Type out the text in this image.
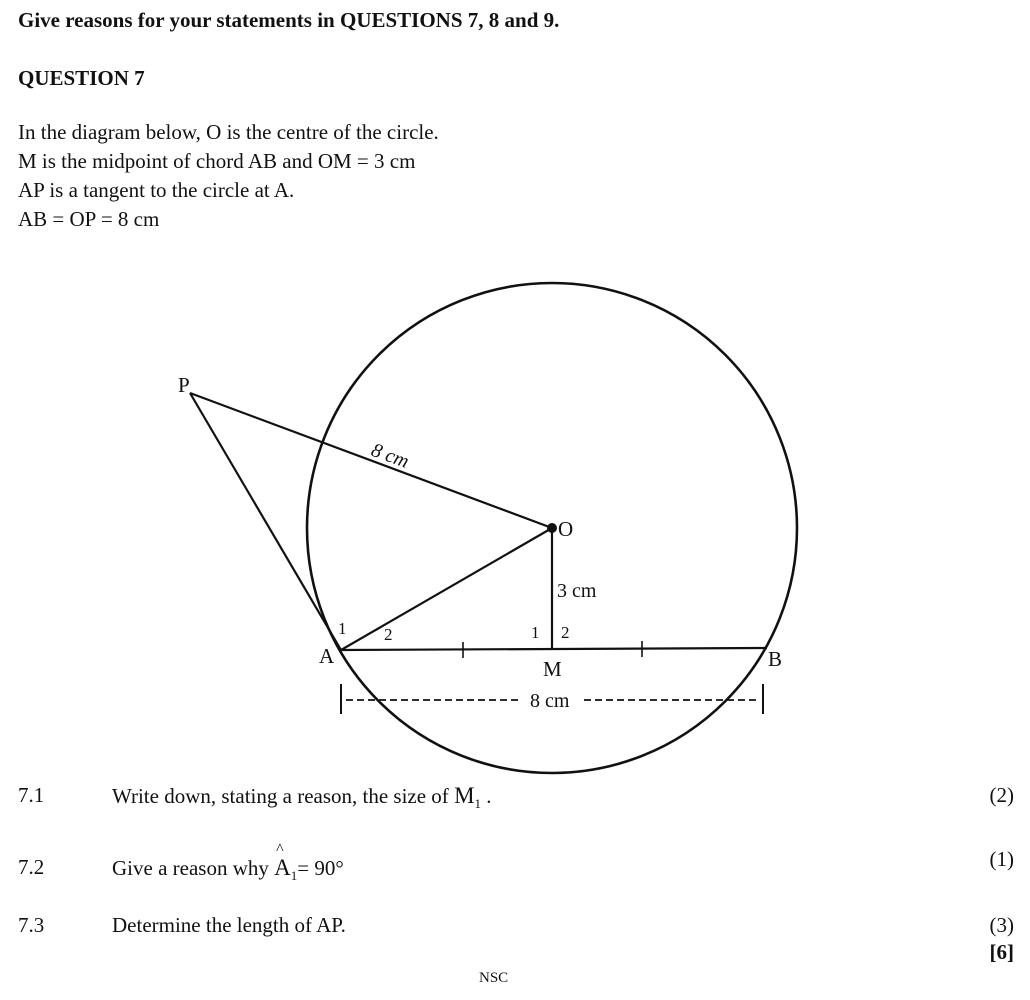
Give reasons for your statements in QUESTIONS 7, 8 and 9.

QUESTION 7

In the diagram below, O is the centre of the circle.
M is the midpoint of chord AB and OM = 3 cm
AP is a tangent to the circle at A.
AB = OP = 8 cm
P
O
A
M	B
8 cm
3 cm
8 cm
1 2	1 2
7.1	Write down, stating a reason, the size of $M_1$ .	(2)
7.2	Give a reason why ^ $A_1= 90^\circ$	(1)
7.3	Determine the length of AP.	(3)
[6]
NSC
